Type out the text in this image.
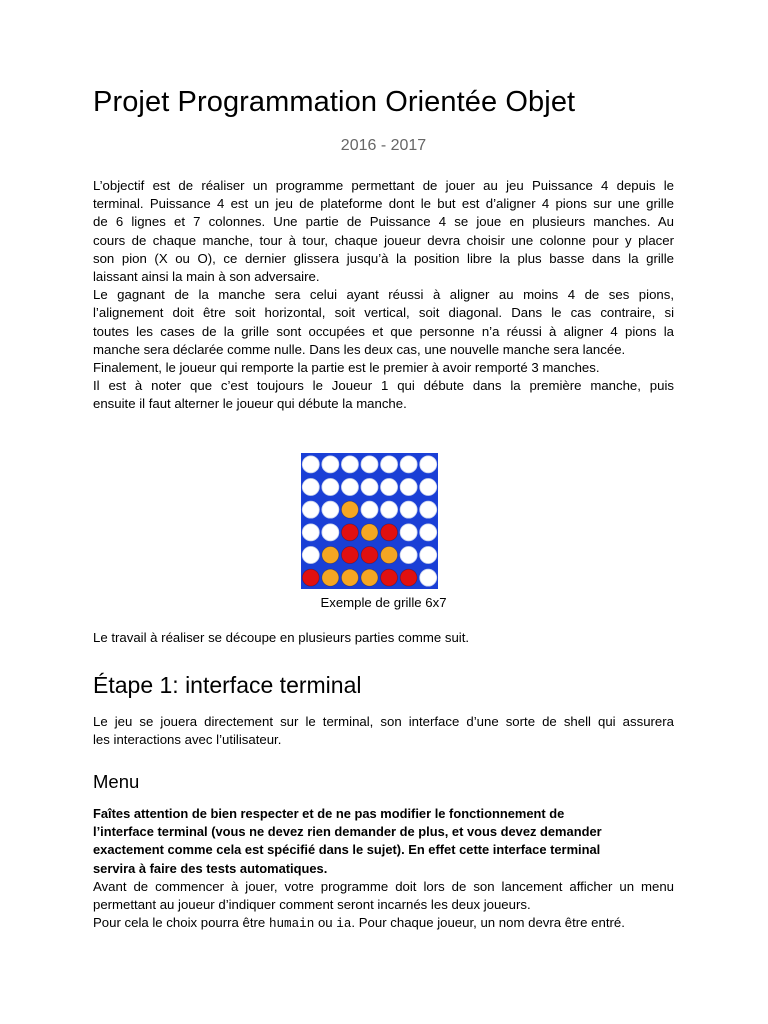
Projet Programmation Orientée Objet

2016 - 2017

L’objectif est de réaliser un programme permettant de jouer au jeu Puissance 4 depuis le
terminal. Puissance 4 est un jeu de plateforme dont le but est d’aligner 4 pions sur une grille
de 6 lignes et 7 colonnes. Une partie de Puissance 4 se joue en plusieurs manches. Au
cours de chaque manche, tour à tour, chaque joueur devra choisir une colonne pour y placer
son pion (X ou O), ce dernier glissera jusqu’à la position libre la plus basse dans la grille
laissant ainsi la main à son adversaire.
Le gagnant de la manche sera celui ayant réussi à aligner au moins 4 de ses pions,
l’alignement doit être soit horizontal, soit vertical, soit diagonal. Dans le cas contraire, si
toutes les cases de la grille sont occupées et que personne n’a réussi à aligner 4 pions la
manche sera déclarée comme nulle. Dans les deux cas, une nouvelle manche sera lancée.
Finalement, le joueur qui remporte la partie est le premier à avoir remporté 3 manches.
Il est à noter que c’est toujours le Joueur 1 qui débute dans la première manche, puis
ensuite il faut alterner le joueur qui débute la manche.

Exemple de grille 6x7

Le travail à réaliser se découpe en plusieurs parties comme suit.

Étape 1: interface terminal
Le jeu se jouera directement sur le terminal, son interface d’une sorte de shell qui assurera
les interactions avec l’utilisateur.
Menu
Faîtes attention de bien respecter et de ne pas modifier le fonctionnement de
l’interface terminal (vous ne devez rien demander de plus, et vous devez demander
exactement comme cela est spécifié dans le sujet). En effet cette interface terminal
servira à faire des tests automatiques.
Avant de commencer à jouer, votre programme doit lors de son lancement afficher un menu
permettant au joueur d’indiquer comment seront incarnés les deux joueurs.
Pour cela le choix pourra être humain ou ia. Pour chaque joueur, un nom devra être entré.
